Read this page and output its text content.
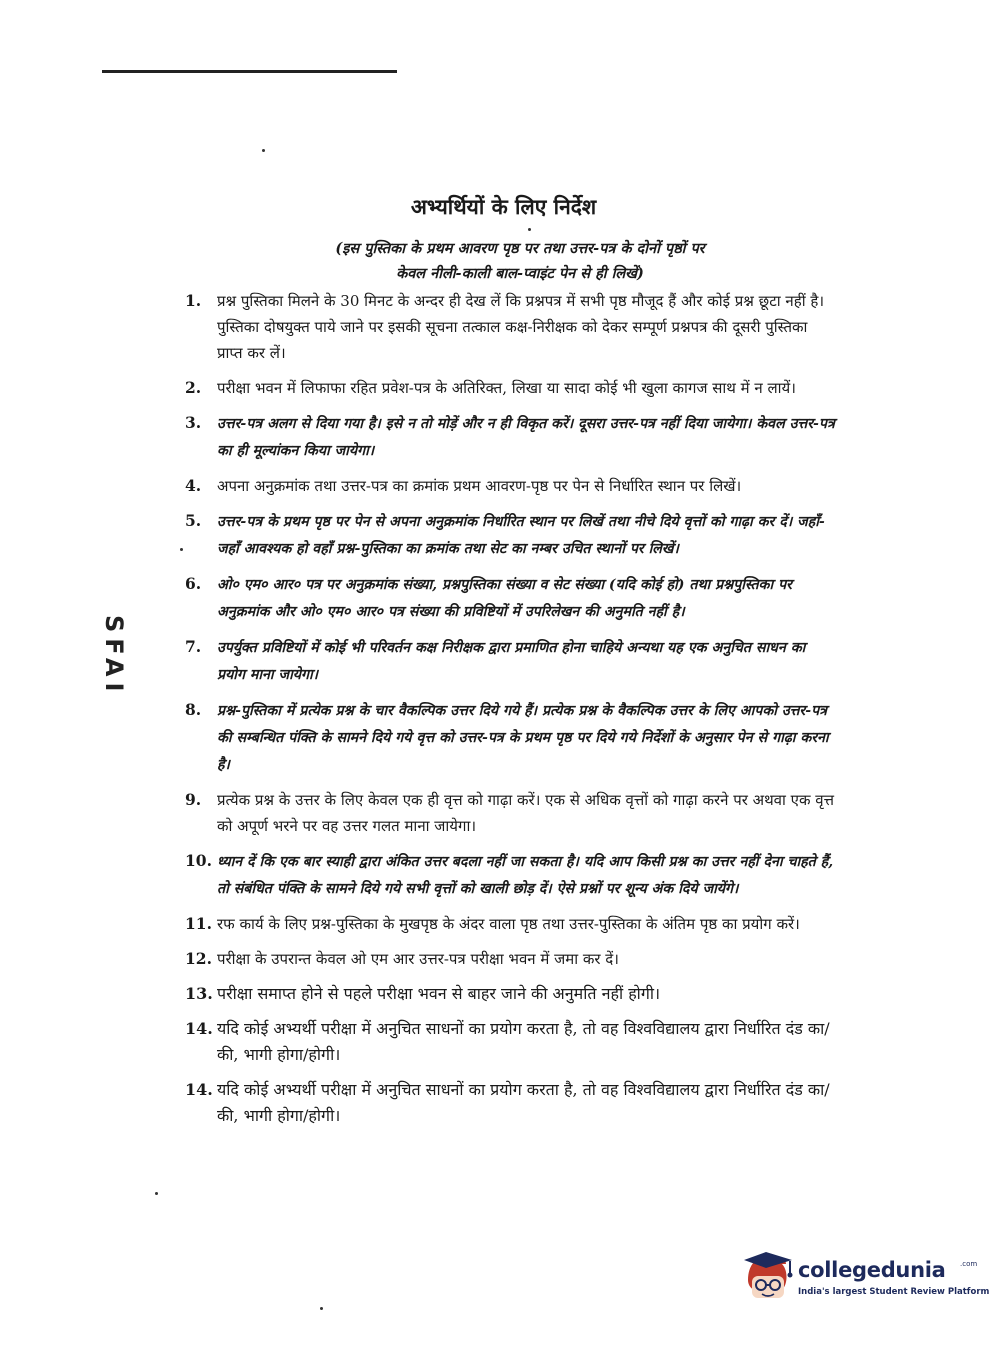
SFAI
अभ्यर्थियों के लिए निर्देश
(इस पुस्तिका के प्रथम आवरण पृष्ठ पर तथा उत्तर-पत्र के दोनों पृष्ठों पर
केवल नीली-काली बाल-प्वाइंट पेन से ही लिखें)
1. प्रश्न पुस्तिका मिलने के 30 मिनट के अन्दर ही देख लें कि प्रश्नपत्र में सभी पृष्ठ मौजूद हैं और कोई प्रश्न छूटा नहीं है। पुस्तिका दोषयुक्त पाये जाने पर इसकी सूचना तत्काल कक्ष-निरीक्षक को देकर सम्पूर्ण प्रश्नपत्र की दूसरी पुस्तिका प्राप्त कर लें।
2. परीक्षा भवन में लिफाफा रहित प्रवेश-पत्र के अतिरिक्त, लिखा या सादा कोई भी खुला कागज साथ में न लायें।
3. उत्तर-पत्र अलग से दिया गया है। इसे न तो मोड़ें और न ही विकृत करें। दूसरा उत्तर-पत्र नहीं दिया जायेगा। केवल उत्तर-पत्र का ही मूल्यांकन किया जायेगा।
4. अपना अनुक्रमांक तथा उत्तर-पत्र का क्रमांक प्रथम आवरण-पृष्ठ पर पेन से निर्धारित स्थान पर लिखें।
5. उत्तर-पत्र के प्रथम पृष्ठ पर पेन से अपना अनुक्रमांक निर्धारित स्थान पर लिखें तथा नीचे दिये वृत्तों को गाढ़ा कर दें। जहाँ-जहाँ आवश्यक हो वहाँ प्रश्न-पुस्तिका का क्रमांक तथा सेट का नम्बर उचित स्थानों पर लिखें।
6. ओ० एम० आर० पत्र पर अनुक्रमांक संख्या, प्रश्नपुस्तिका संख्या व सेट संख्या (यदि कोई हो) तथा प्रश्नपुस्तिका पर अनुक्रमांक और ओ० एम० आर० पत्र संख्या की प्रविष्टियों में उपरिलेखन की अनुमति नहीं है।
7. उपर्युक्त प्रविष्टियों में कोई भी परिवर्तन कक्ष निरीक्षक द्वारा प्रमाणित होना चाहिये अन्यथा यह एक अनुचित साधन का प्रयोग माना जायेगा।
8. प्रश्न-पुस्तिका में प्रत्येक प्रश्न के चार वैकल्पिक उत्तर दिये गये हैं। प्रत्येक प्रश्न के वैकल्पिक उत्तर के लिए आपको उत्तर-पत्र की सम्बन्धित पंक्ति के सामने दिये गये वृत्त को उत्तर-पत्र के प्रथम पृष्ठ पर दिये गये निर्देशों के अनुसार पेन से गाढ़ा करना है।
9. प्रत्येक प्रश्न के उत्तर के लिए केवल एक ही वृत्त को गाढ़ा करें। एक से अधिक वृत्तों को गाढ़ा करने पर अथवा एक वृत्त को अपूर्ण भरने पर वह उत्तर गलत माना जायेगा।
10. ध्यान दें कि एक बार स्याही द्वारा अंकित उत्तर बदला नहीं जा सकता है। यदि आप किसी प्रश्न का उत्तर नहीं देना चाहते हैं, तो संबंधित पंक्ति के सामने दिये गये सभी वृत्तों को खाली छोड़ दें। ऐसे प्रश्नों पर शून्य अंक दिये जायेंगे।
11. रफ कार्य के लिए प्रश्न-पुस्तिका के मुखपृष्ठ के अंदर वाला पृष्ठ तथा उत्तर-पुस्तिका के अंतिम पृष्ठ का प्रयोग करें।
12. परीक्षा के उपरान्त केवल ओ एम आर उत्तर-पत्र परीक्षा भवन में जमा कर दें।
13. परीक्षा समाप्त होने से पहले परीक्षा भवन से बाहर जाने की अनुमति नहीं होगी।
14. यदि कोई अभ्यर्थी परीक्षा में अनुचित साधनों का प्रयोग करता है, तो वह विश्वविद्यालय द्वारा निर्धारित दंड का/की, भागी होगा/होगी।
14. यदि कोई अभ्यर्थी परीक्षा में अनुचित साधनों का प्रयोग करता है, तो वह विश्वविद्यालय द्वारा निर्धारित दंड का/की, भागी होगा/होगी।
collegedunia .com
India's largest Student Review Platform
